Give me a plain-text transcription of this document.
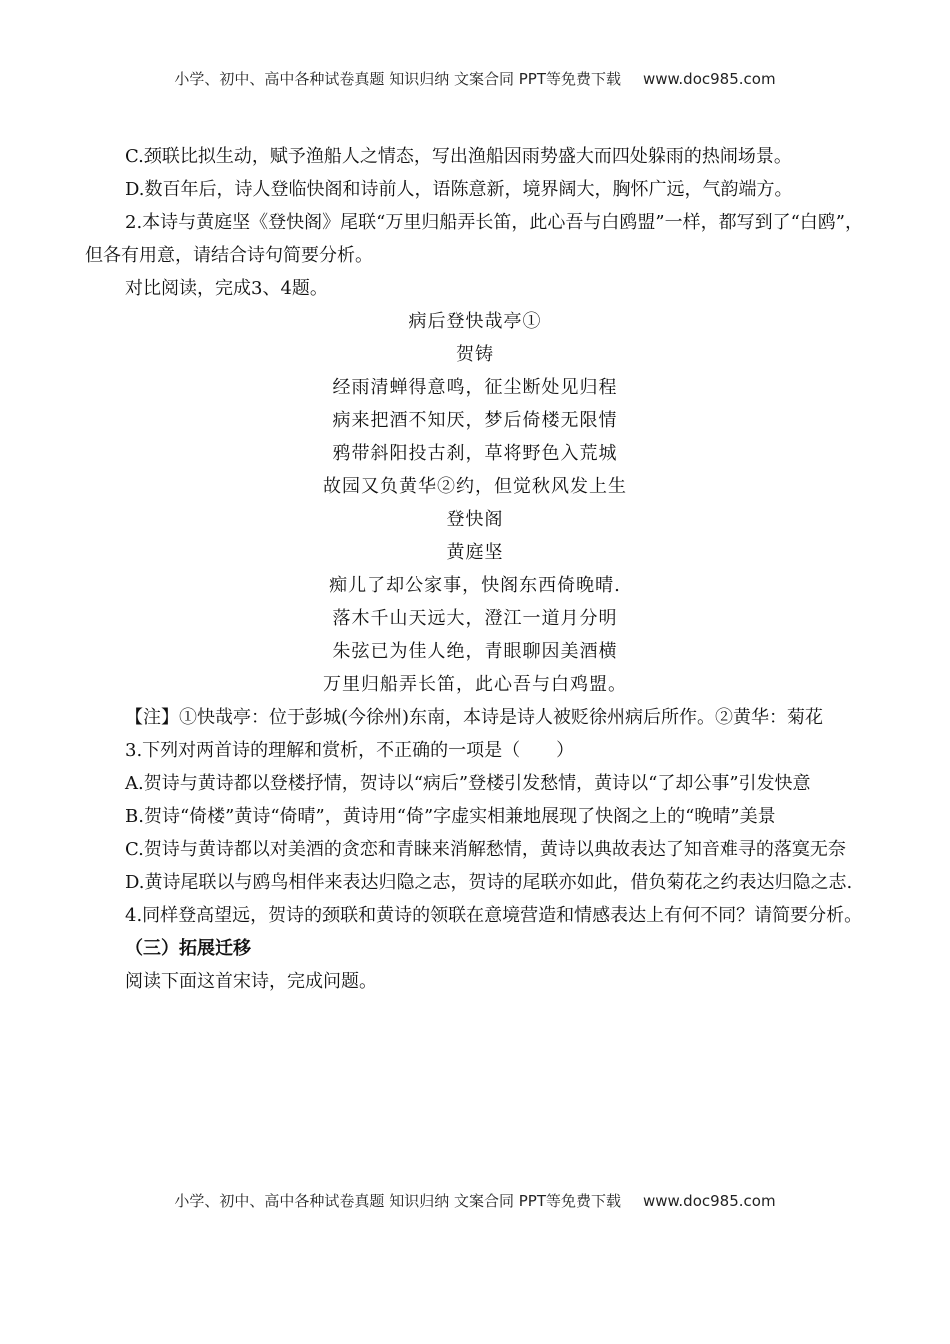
小学、初中、高中各种试卷真题 知识归纳 文案合同 PPT等免费下载 www.doc985.com

C.颈联比拟生动，赋予渔船人之情态，写出渔船因雨势盛大而四处躲雨的热闹场景。

D.数百年后，诗人登临快阁和诗前人，语陈意新，境界阔大，胸怀广远，气韵端方。

2.本诗与黄庭坚《登快阁》尾联“万里归船弄长笛，此心吾与白鸥盟”一样，都写到了“白鸥”，但各有用意，请结合诗句简要分析。

对比阅读，完成3、4题。

病后登快哉亭①

贺铸

经雨清蝉得意鸣，征尘断处见归程

病来把酒不知厌，梦后倚楼无限情

鸦带斜阳投古刹，草将野色入荒城

故园又负黄华②约，但觉秋风发上生

登快阁

黄庭坚

痴儿了却公家事，快阁东西倚晚晴.

落木千山天远大，澄江一道月分明

朱弦已为佳人绝，青眼聊因美酒横

万里归船弄长笛，此心吾与白鸡盟。

【注】①快哉亭：位于彭城(今徐州)东南，本诗是诗人被贬徐州病后所作。②黄华：菊花

3.下列对两首诗的理解和赏析，不正确的一项是（　　）

A.贺诗与黄诗都以登楼抒情，贺诗以“病后”登楼引发愁情，黄诗以“了却公事”引发快意

B.贺诗“倚楼”黄诗“倚晴”，黄诗用“倚”字虚实相兼地展现了快阁之上的“晚晴”美景

C.贺诗与黄诗都以对美酒的贪恋和青睐来消解愁情，黄诗以典故表达了知音难寻的落寞无奈

D.黄诗尾联以与鸥鸟相伴来表达归隐之志，贺诗的尾联亦如此，借负菊花之约表达归隐之志.

4.同样登高望远，贺诗的颈联和黄诗的领联在意境营造和情感表达上有何不同？请简要分析。

（三）拓展迁移

阅读下面这首宋诗，完成问题。

小学、初中、高中各种试卷真题 知识归纳 文案合同 PPT等免费下载 www.doc985.com
